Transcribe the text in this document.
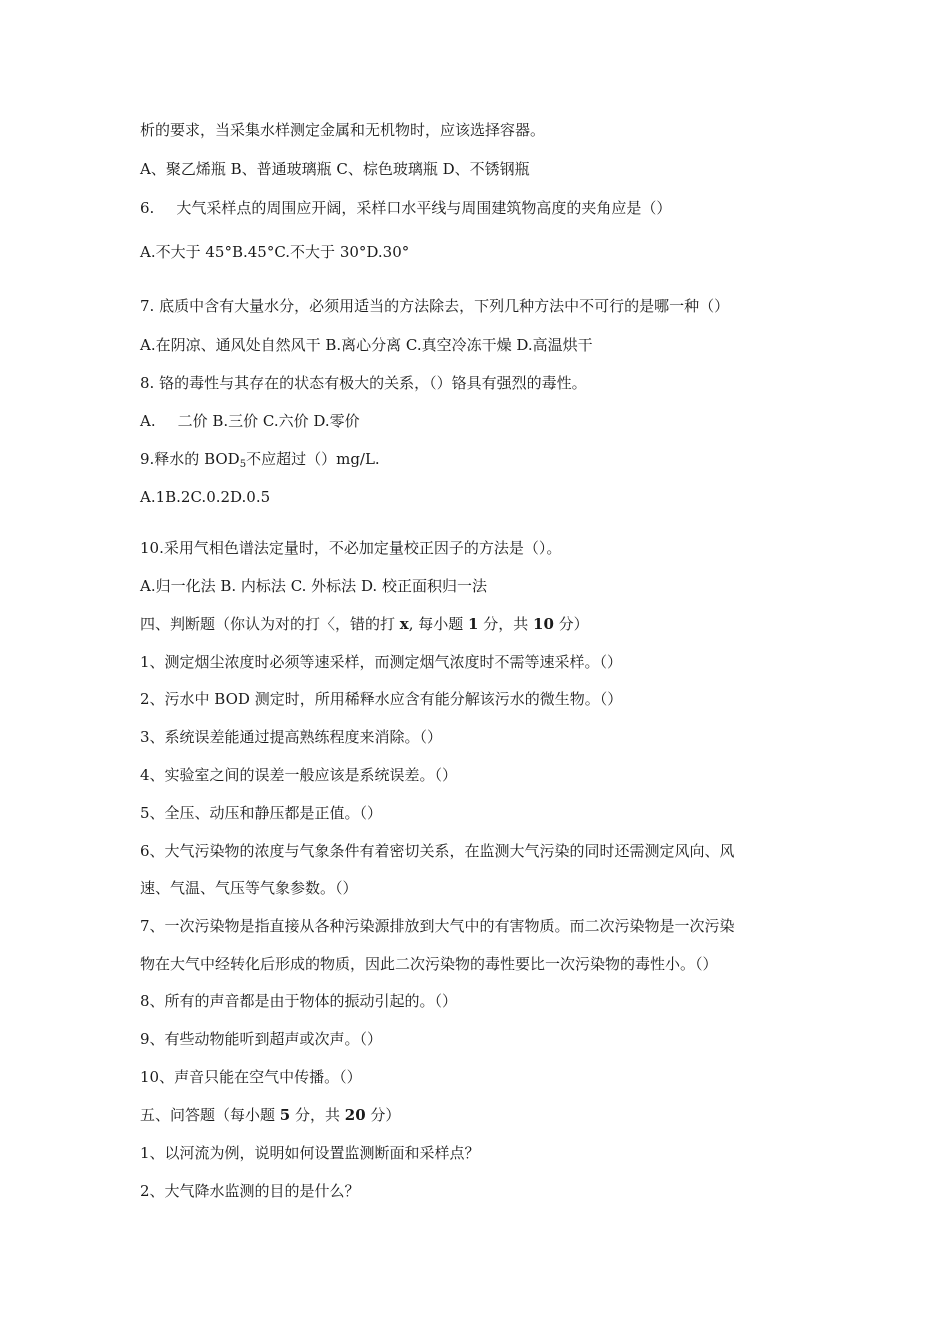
析的要求，当采集水样测定金属和无机物时，应该选择容器。
A、聚乙烯瓶 B、普通玻璃瓶 C、棕色玻璃瓶 D、不锈钢瓶
6. 大气采样点的周围应开阔，采样口水平线与周围建筑物高度的夹角应是（）
A.不大于 45°B.45°C.不大于 30°D.30°
7. 底质中含有大量水分，必须用适当的方法除去，下列几种方法中不可行的是哪一种（）
A.在阴凉、通风处自然风干 B.离心分离 C.真空冷冻干燥 D.高温烘干
8. 铬的毒性与其存在的状态有极大的关系，（）铬具有强烈的毒性。
A. 二价 B.三价 C.六价 D.零价
9.释水的 $BOD_5$不应超过（）mg/L.
A.1B.2C.0.2D.0.5
10.采用气相色谱法定量时，不必加定量校正因子的方法是（）。
A.归一化法 B. 内标法 C. 外标法 D. 校正面积归一法
四、判断题（你认为对的打〈，错的打 x, 每小题 1 分，共 10 分）
1、测定烟尘浓度时必须等速采样，而测定烟气浓度时不需等速采样。（）
2、污水中 BOD 测定时，所用稀释水应含有能分解该污水的微生物。（）
3、系统误差能通过提高熟练程度来消除。（）
4、实验室之间的误差一般应该是系统误差。（）
5、全压、动压和静压都是正值。（）
6、大气污染物的浓度与气象条件有着密切关系，在监测大气污染的同时还需测定风向、风
速、气温、气压等气象参数。（）
7、一次污染物是指直接从各种污染源排放到大气中的有害物质。而二次污染物是一次污染
物在大气中经转化后形成的物质，因此二次污染物的毒性要比一次污染物的毒性小。（）
8、所有的声音都是由于物体的振动引起的。（）
9、有些动物能听到超声或次声。（）
10、声音只能在空气中传播。（）
五、问答题（每小题 5 分，共 20 分）
1、以河流为例，说明如何设置监测断面和采样点？
2、大气降水监测的目的是什么？
